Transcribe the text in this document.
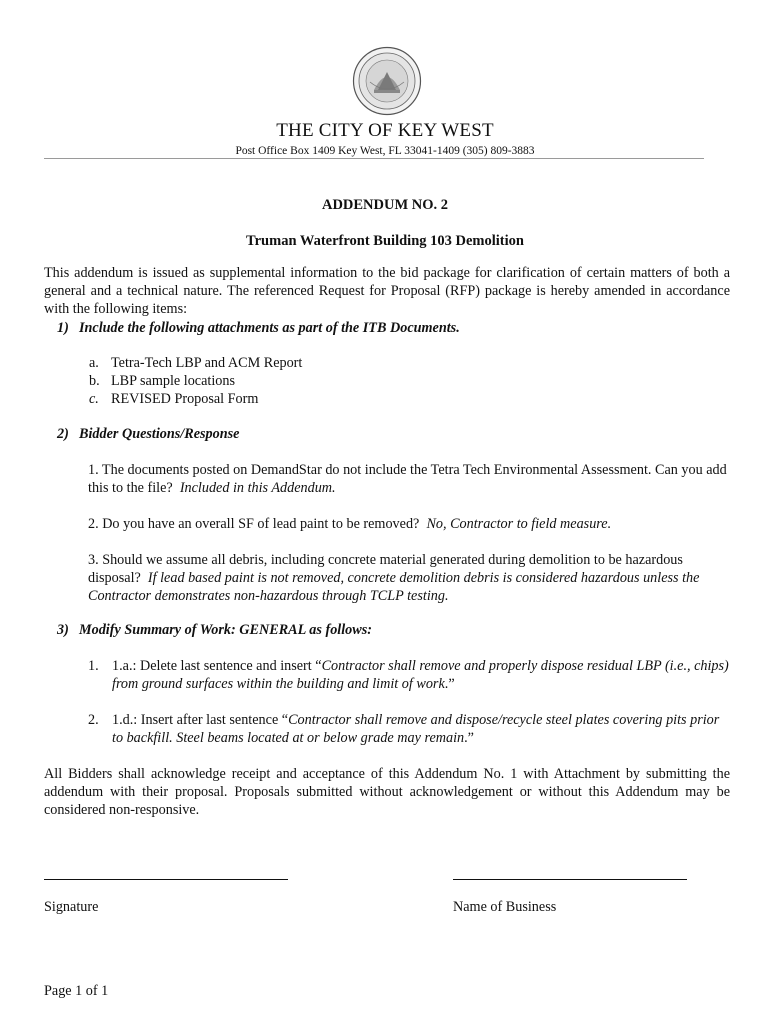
THE CITY OF KEY WEST
Post Office Box 1409 Key West, FL 33041-1409 (305) 809-3883
ADDENDUM NO. 2
Truman Waterfront Building 103 Demolition
This addendum is issued as supplemental information to the bid package for clarification of certain matters of both a general and a technical nature. The referenced Request for Proposal (RFP) package is hereby amended in accordance with the following items:
1) Include the following attachments as part of the ITB Documents.
a. Tetra-Tech LBP and ACM Report
b. LBP sample locations
c. REVISED Proposal Form
2) Bidder Questions/Response
1. The documents posted on DemandStar do not include the Tetra Tech Environmental Assessment. Can you add this to the file? Included in this Addendum.
2. Do you have an overall SF of lead paint to be removed? No, Contractor to field measure.
3. Should we assume all debris, including concrete material generated during demolition to be hazardous disposal? If lead based paint is not removed, concrete demolition debris is considered hazardous unless the Contractor demonstrates non-hazardous through TCLP testing.
3) Modify Summary of Work: GENERAL as follows:
1. 1.a.: Delete last sentence and insert “Contractor shall remove and properly dispose residual LBP (i.e., chips) from ground surfaces within the building and limit of work.”
2. 1.d.: Insert after last sentence “Contractor shall remove and dispose/recycle steel plates covering pits prior to backfill. Steel beams located at or below grade may remain.”
All Bidders shall acknowledge receipt and acceptance of this Addendum No. 1 with Attachment by submitting the addendum with their proposal. Proposals submitted without acknowledgement or without this Addendum may be considered non-responsive.
Signature	Name of Business
Page 1 of 1
